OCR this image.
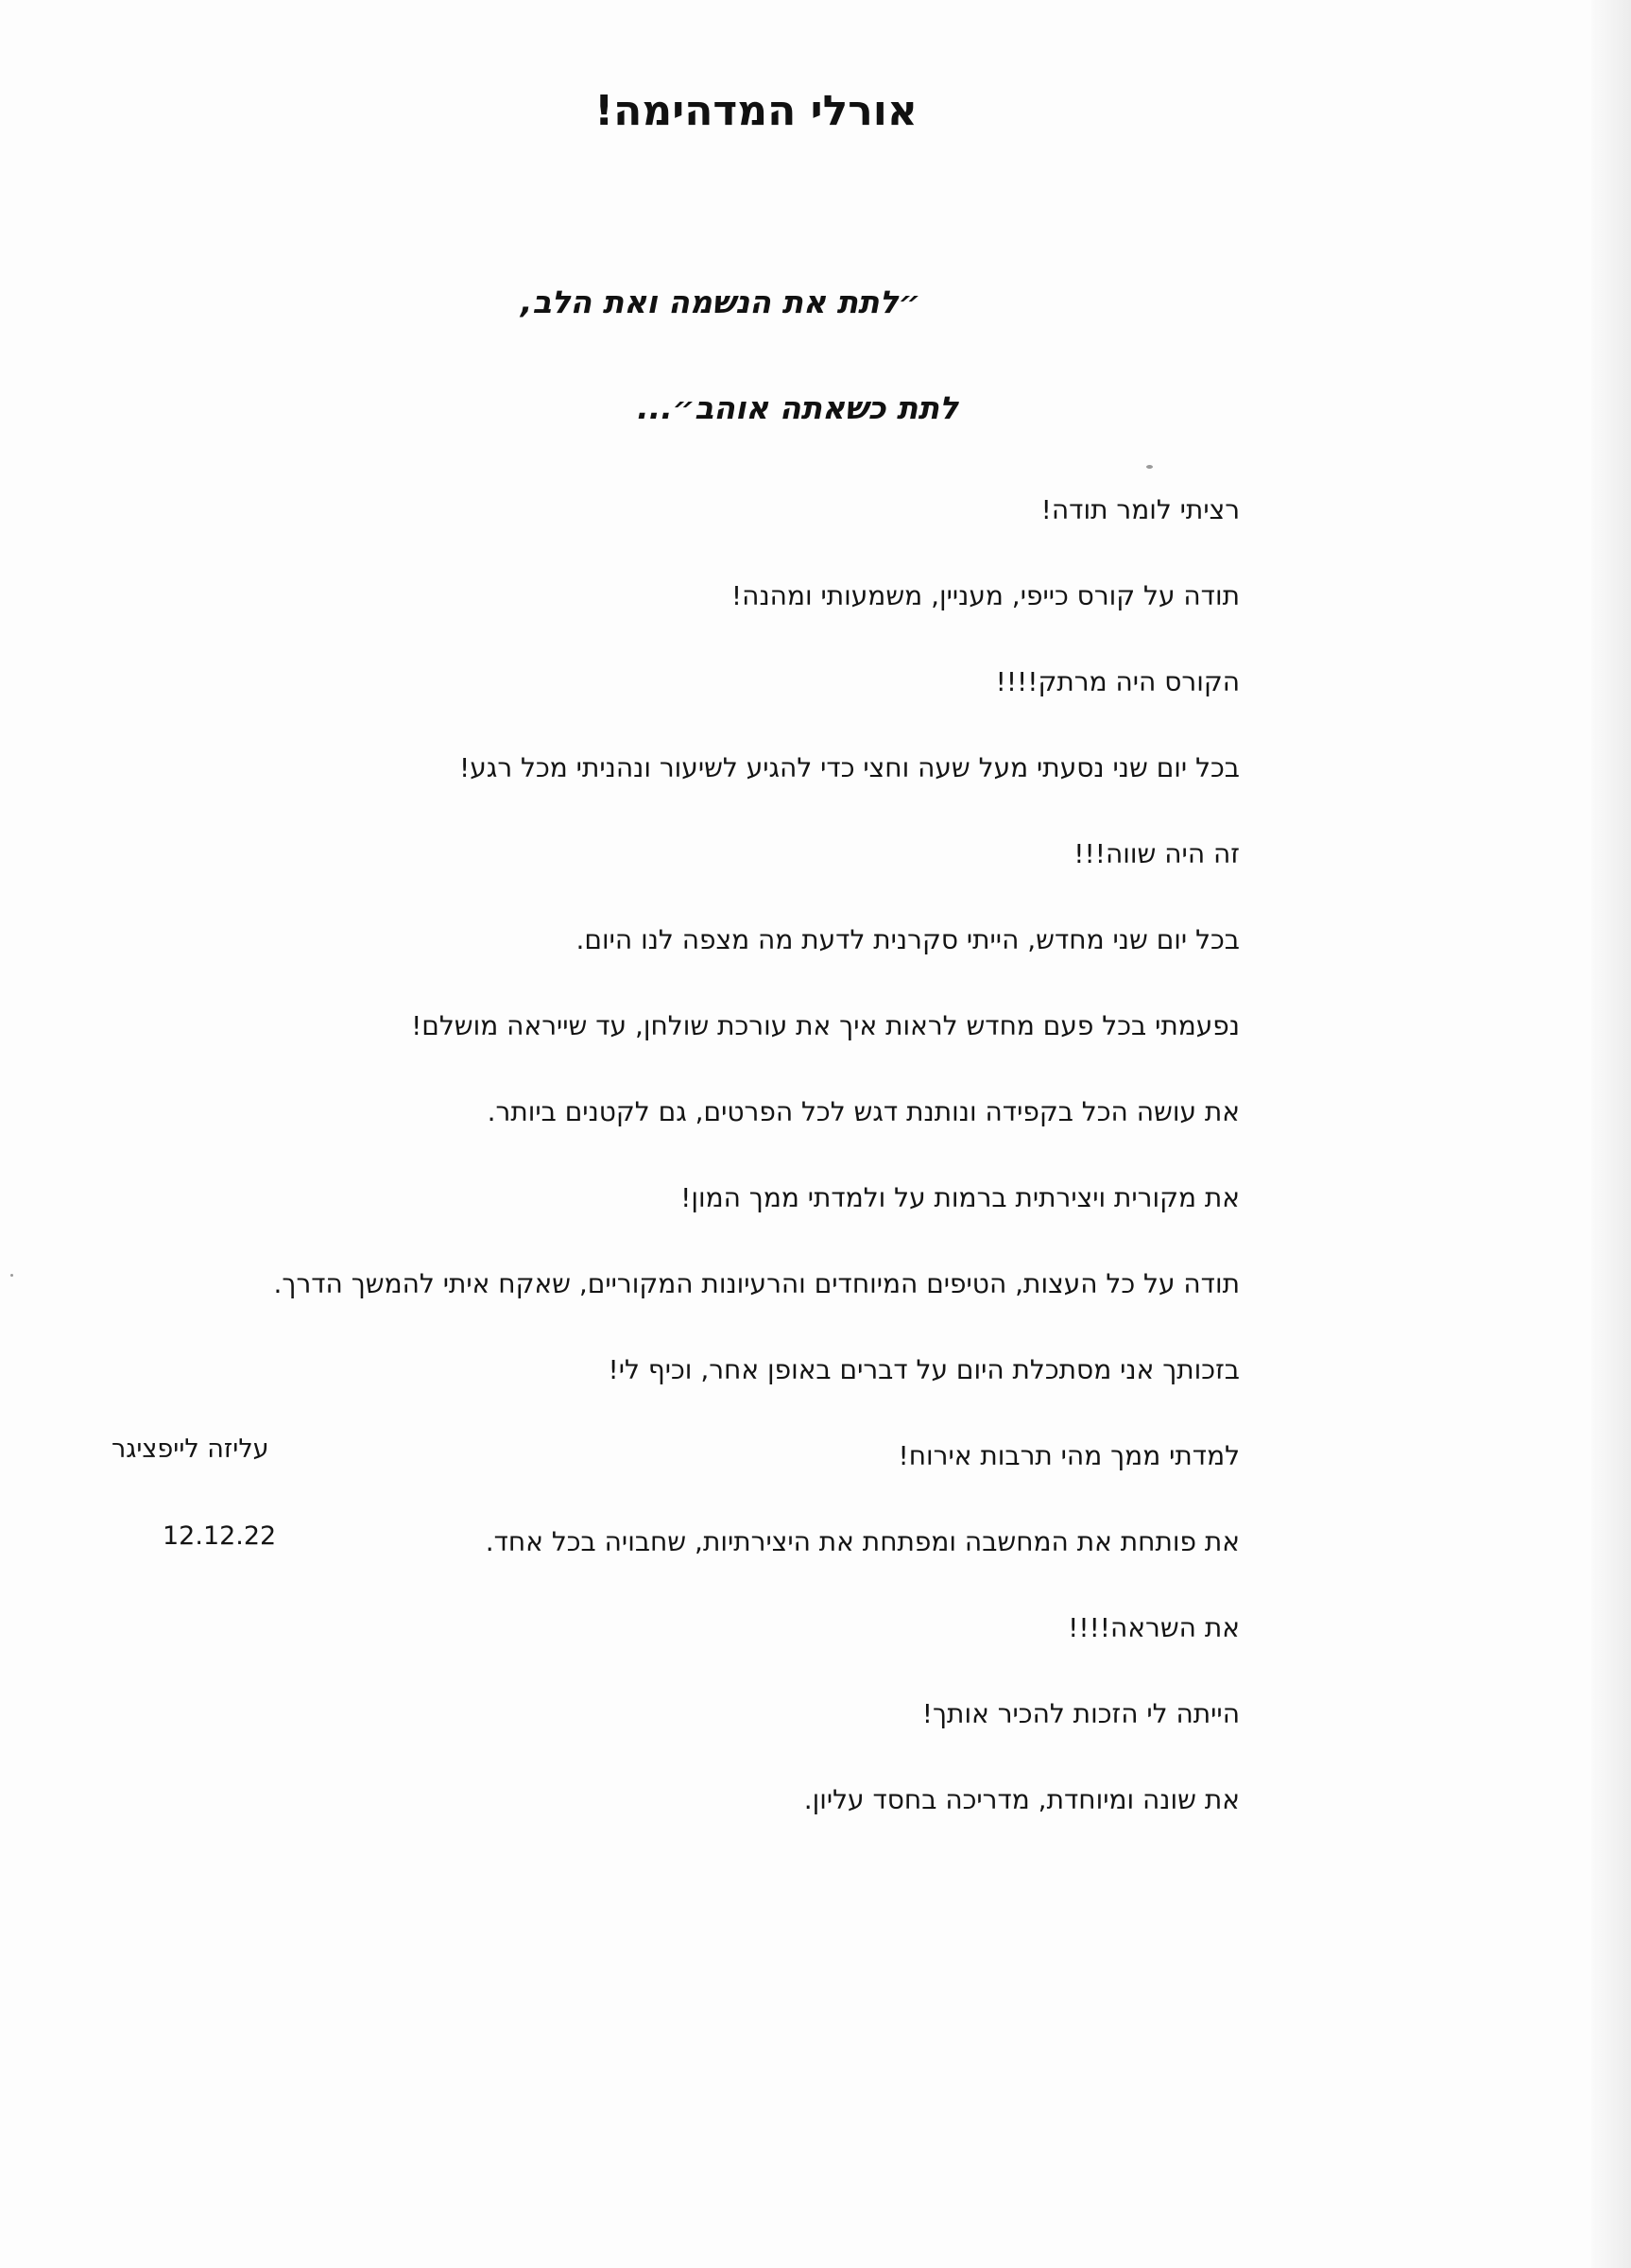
אורלי המדהימה!
״לתת את הנשמה ואת הלב,
לתת כשאתה אוהב״...
רציתי לומר תודה!
תודה על קורס כייפי, מעניין, משמעותי ומהנה!
הקורס היה מרתק!!!!
בכל יום שני נסעתי מעל שעה וחצי כדי להגיע לשיעור ונהניתי מכל רגע!
זה היה שווה!!!
בכל יום שני מחדש, הייתי סקרנית לדעת מה מצפה לנו היום.
נפעמתי בכל פעם מחדש לראות איך את עורכת שולחן, עד שייראה מושלם!
את עושה הכל בקפידה ונותנת דגש לכל הפרטים, גם לקטנים ביותר.
את מקורית ויצירתית ברמות על ולמדתי ממך המון!
תודה על כל העצות, הטיפים המיוחדים והרעיונות המקוריים, שאקח איתי להמשך הדרך.
בזכותך אני מסתכלת היום על דברים באופן אחר, וכיף לי!
למדתי ממך מהי תרבות אירוח!
את פותחת את המחשבה ומפתחת את היצירתיות, שחבויה בכל אחד.
את השראה!!!!
הייתה לי הזכות להכיר אותך!
את שונה ומיוחדת, מדריכה בחסד עליון.
עליזה לייפציגר
12.12.22
